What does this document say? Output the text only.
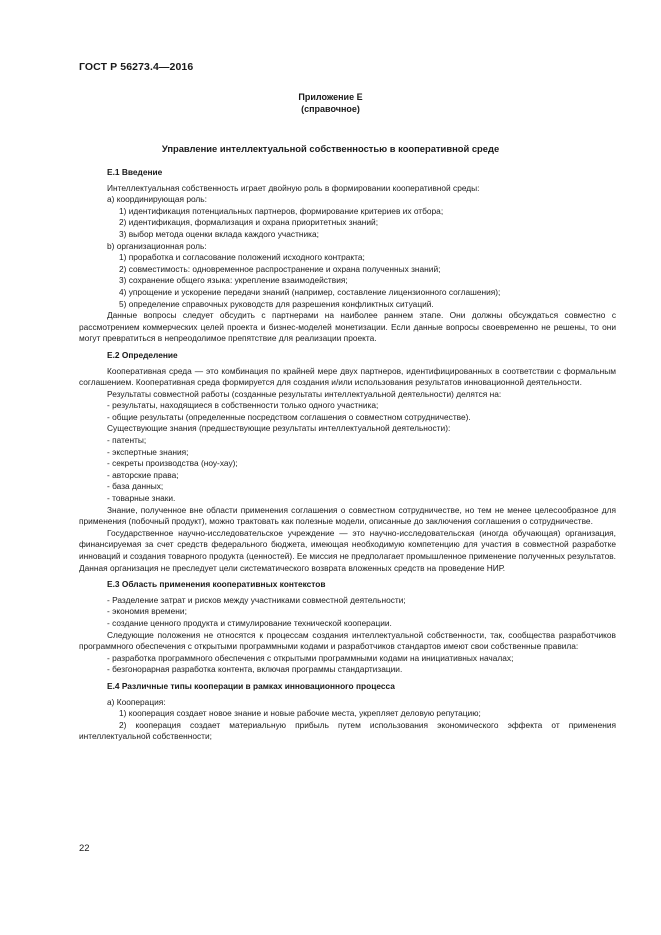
ГОСТ Р 56273.4—2016
Приложение Е
(справочное)
Управление интеллектуальной собственностью в кооперативной среде
Е.1 Введение
Интеллектуальная собственность играет двойную роль в формировании кооперативной среды:
а) координирующая роль:
1) идентификация потенциальных партнеров, формирование критериев их отбора;
2) идентификация, формализация и охрана приоритетных знаний;
3) выбор метода оценки вклада каждого участника;
b) организационная роль:
1) проработка и согласование положений исходного контракта;
2) совместимость: одновременное распространение и охрана полученных знаний;
3) сохранение общего языка: укрепление взаимодействия;
4) упрощение и ускорение передачи знаний (например, составление лицензионного соглашения);
5) определение справочных руководств для разрешения конфликтных ситуаций.
Данные вопросы следует обсудить с партнерами на наиболее раннем этапе. Они должны обсуждаться совместно с рассмотрением коммерческих целей проекта и бизнес-моделей монетизации. Если данные вопросы своевременно не решены, то они могут превратиться в непреодолимое препятствие для реализации проекта.
Е.2 Определение
Кооперативная среда — это комбинация по крайней мере двух партнеров, идентифицированных в соответствии с формальным соглашением. Кооперативная среда формируется для создания и/или использования результатов инновационной деятельности.
Результаты совместной работы (созданные результаты интеллектуальной деятельности) делятся на:
- результаты, находящиеся в собственности только одного участника;
- общие результаты (определенные посредством соглашения о совместном сотрудничестве).
Существующие знания (предшествующие результаты интеллектуальной деятельности):
- патенты;
- экспертные знания;
- секреты производства (ноу-хау);
- авторские права;
- база данных;
- товарные знаки.
Знание, полученное вне области применения соглашения о совместном сотрудничестве, но тем не менее целесообразное для применения (побочный продукт), можно трактовать как полезные модели, описанные до заключения соглашения о сотрудничестве.
Государственное научно-исследовательское учреждение — это научно-исследовательская (иногда обучающая) организация, финансируемая за счет средств федерального бюджета, имеющая необходимую компетенцию для участия в совместной разработке инноваций и создания товарного продукта (ценностей). Ее миссия не предполагает промышленное применение полученных результатов. Данная организация не преследует цели систематического возврата вложенных средств на проведение НИР.
Е.3 Область применения кооперативных контекстов
- Разделение затрат и рисков между участниками совместной деятельности;
- экономия времени;
- создание ценного продукта и стимулирование технической кооперации.
Следующие положения не относятся к процессам создания интеллектуальной собственности, так, сообщества разработчиков программного обеспечения с открытыми программными кодами и разработчиков стандартов имеют свои собственные правила:
- разработка программного обеспечения с открытыми программными кодами на инициативных началах;
- безгонорарная разработка контента, включая программы стандартизации.
Е.4 Различные типы кооперации в рамках инновационного процесса
а) Кооперация:
1) кооперация создает новое знание и новые рабочие места, укрепляет деловую репутацию;
2) кооперация создает материальную прибыль путем использования экономического эффекта от применения интеллектуальной собственности;
22
